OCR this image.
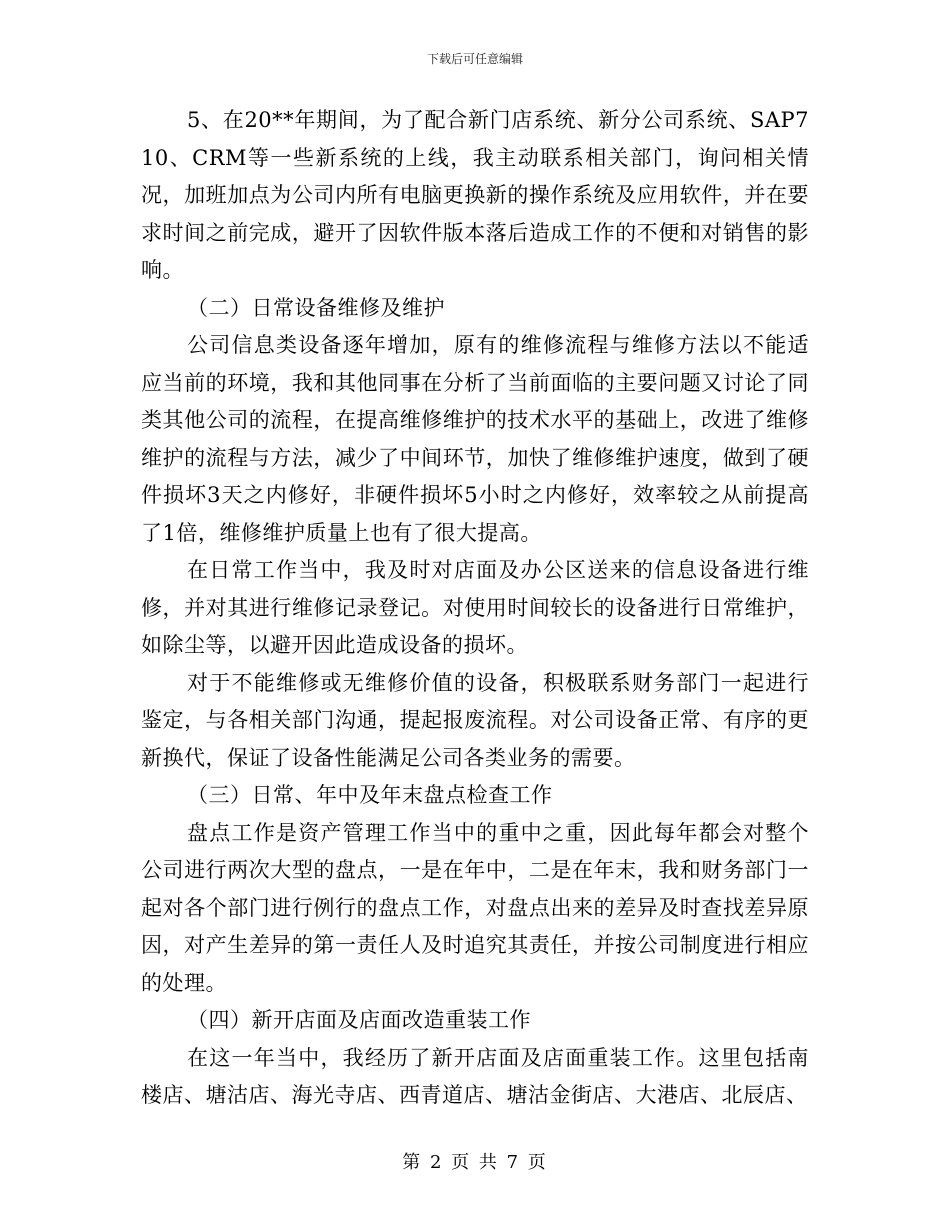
下载后可任意编辑

5、在20**年期间，为了配合新门店系统、新分公司系统、SAP710、CRM等一些新系统的上线，我主动联系相关部门，询问相关情况，加班加点为公司内所有电脑更换新的操作系统及应用软件，并在要求时间之前完成，避开了因软件版本落后造成工作的不便和对销售的影响。

（二）日常设备维修及维护

公司信息类设备逐年增加，原有的维修流程与维修方法以不能适应当前的环境，我和其他同事在分析了当前面临的主要问题又讨论了同类其他公司的流程，在提高维修维护的技术水平的基础上，改进了维修维护的流程与方法，减少了中间环节，加快了维修维护速度，做到了硬件损坏3天之内修好，非硬件损坏5小时之内修好，效率较之从前提高了1倍，维修维护质量上也有了很大提高。

在日常工作当中，我及时对店面及办公区送来的信息设备进行维修，并对其进行维修记录登记。对使用时间较长的设备进行日常维护，如除尘等，以避开因此造成设备的损坏。

对于不能维修或无维修价值的设备，积极联系财务部门一起进行鉴定，与各相关部门沟通，提起报废流程。对公司设备正常、有序的更新换代，保证了设备性能满足公司各类业务的需要。

（三）日常、年中及年末盘点检查工作

盘点工作是资产管理工作当中的重中之重，因此每年都会对整个公司进行两次大型的盘点，一是在年中，二是在年末，我和财务部门一起对各个部门进行例行的盘点工作，对盘点出来的差异及时查找差异原因，对产生差异的第一责任人及时追究其责任，并按公司制度进行相应的处理。

（四）新开店面及店面改造重装工作

在这一年当中，我经历了新开店面及店面重装工作。这里包括南楼店、塘沽店、海光寺店、西青道店、塘沽金街店、大港店、北辰店、

第 2 页 共 7 页
